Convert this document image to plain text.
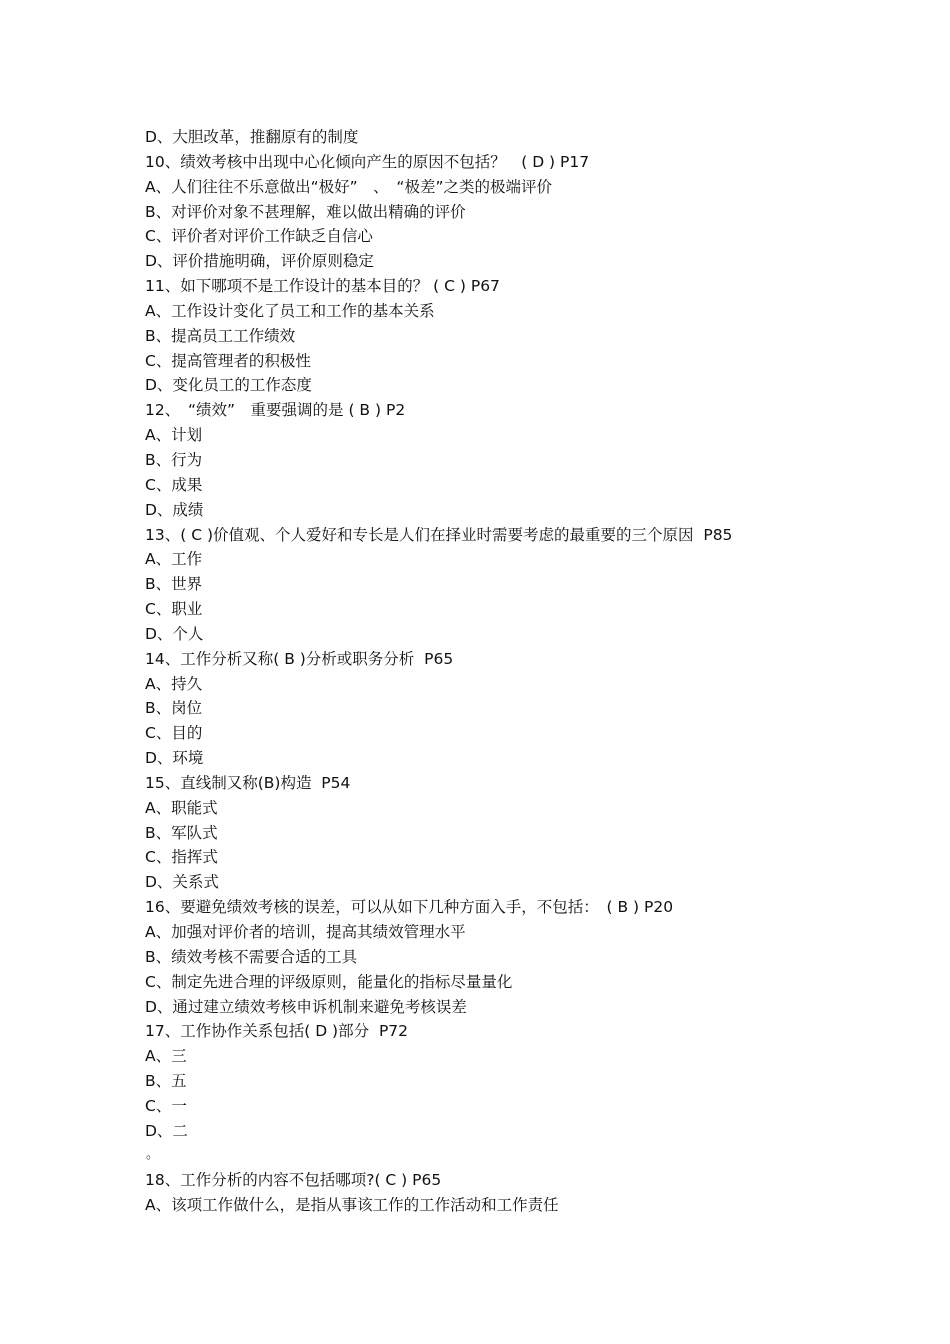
D、大胆改革，推翻原有的制度
10、绩效考核中出现中心化倾向产生的原因不包括？　( D ) P17
A、人们往往不乐意做出“极好”　、　“极差”之类的极端评价
B、对评价对象不甚理解，难以做出精确的评价
C、评价者对评价工作缺乏自信心
D、评价措施明确，评价原则稳定
11、如下哪项不是工作设计的基本目的？ ( C ) P67
A、工作设计变化了员工和工作的基本关系
B、提高员工工作绩效
C、提高管理者的积极性
D、变化员工的工作态度
12、　“绩效”　重要强调的是 ( B ) P2
A、计划
B、行为
C、成果
D、成绩
13、( C )价值观、个人爱好和专长是人们在择业时需要考虑的最重要的三个原因  P85
A、工作
B、世界
C、职业
D、个人
14、工作分析又称( B )分析或职务分析  P65
A、持久
B、岗位
C、目的
D、环境
15、直线制又称(B)构造  P54
A、职能式
B、军队式
C、指挥式
D、关系式
16、要避免绩效考核的误差，可以从如下几种方面入手，不包括：　( B ) P20
A、加强对评价者的培训，提高其绩效管理水平
B、绩效考核不需要合适的工具
C、制定先进合理的评级原则，能量化的指标尽量量化
D、通过建立绩效考核申诉机制来避免考核误差
17、工作协作关系包括( D )部分  P72
A、三
B、五
C、一
D、二
。
18、工作分析的内容不包括哪项?( C ) P65
A、该项工作做什么，是指从事该工作的工作活动和工作责任
